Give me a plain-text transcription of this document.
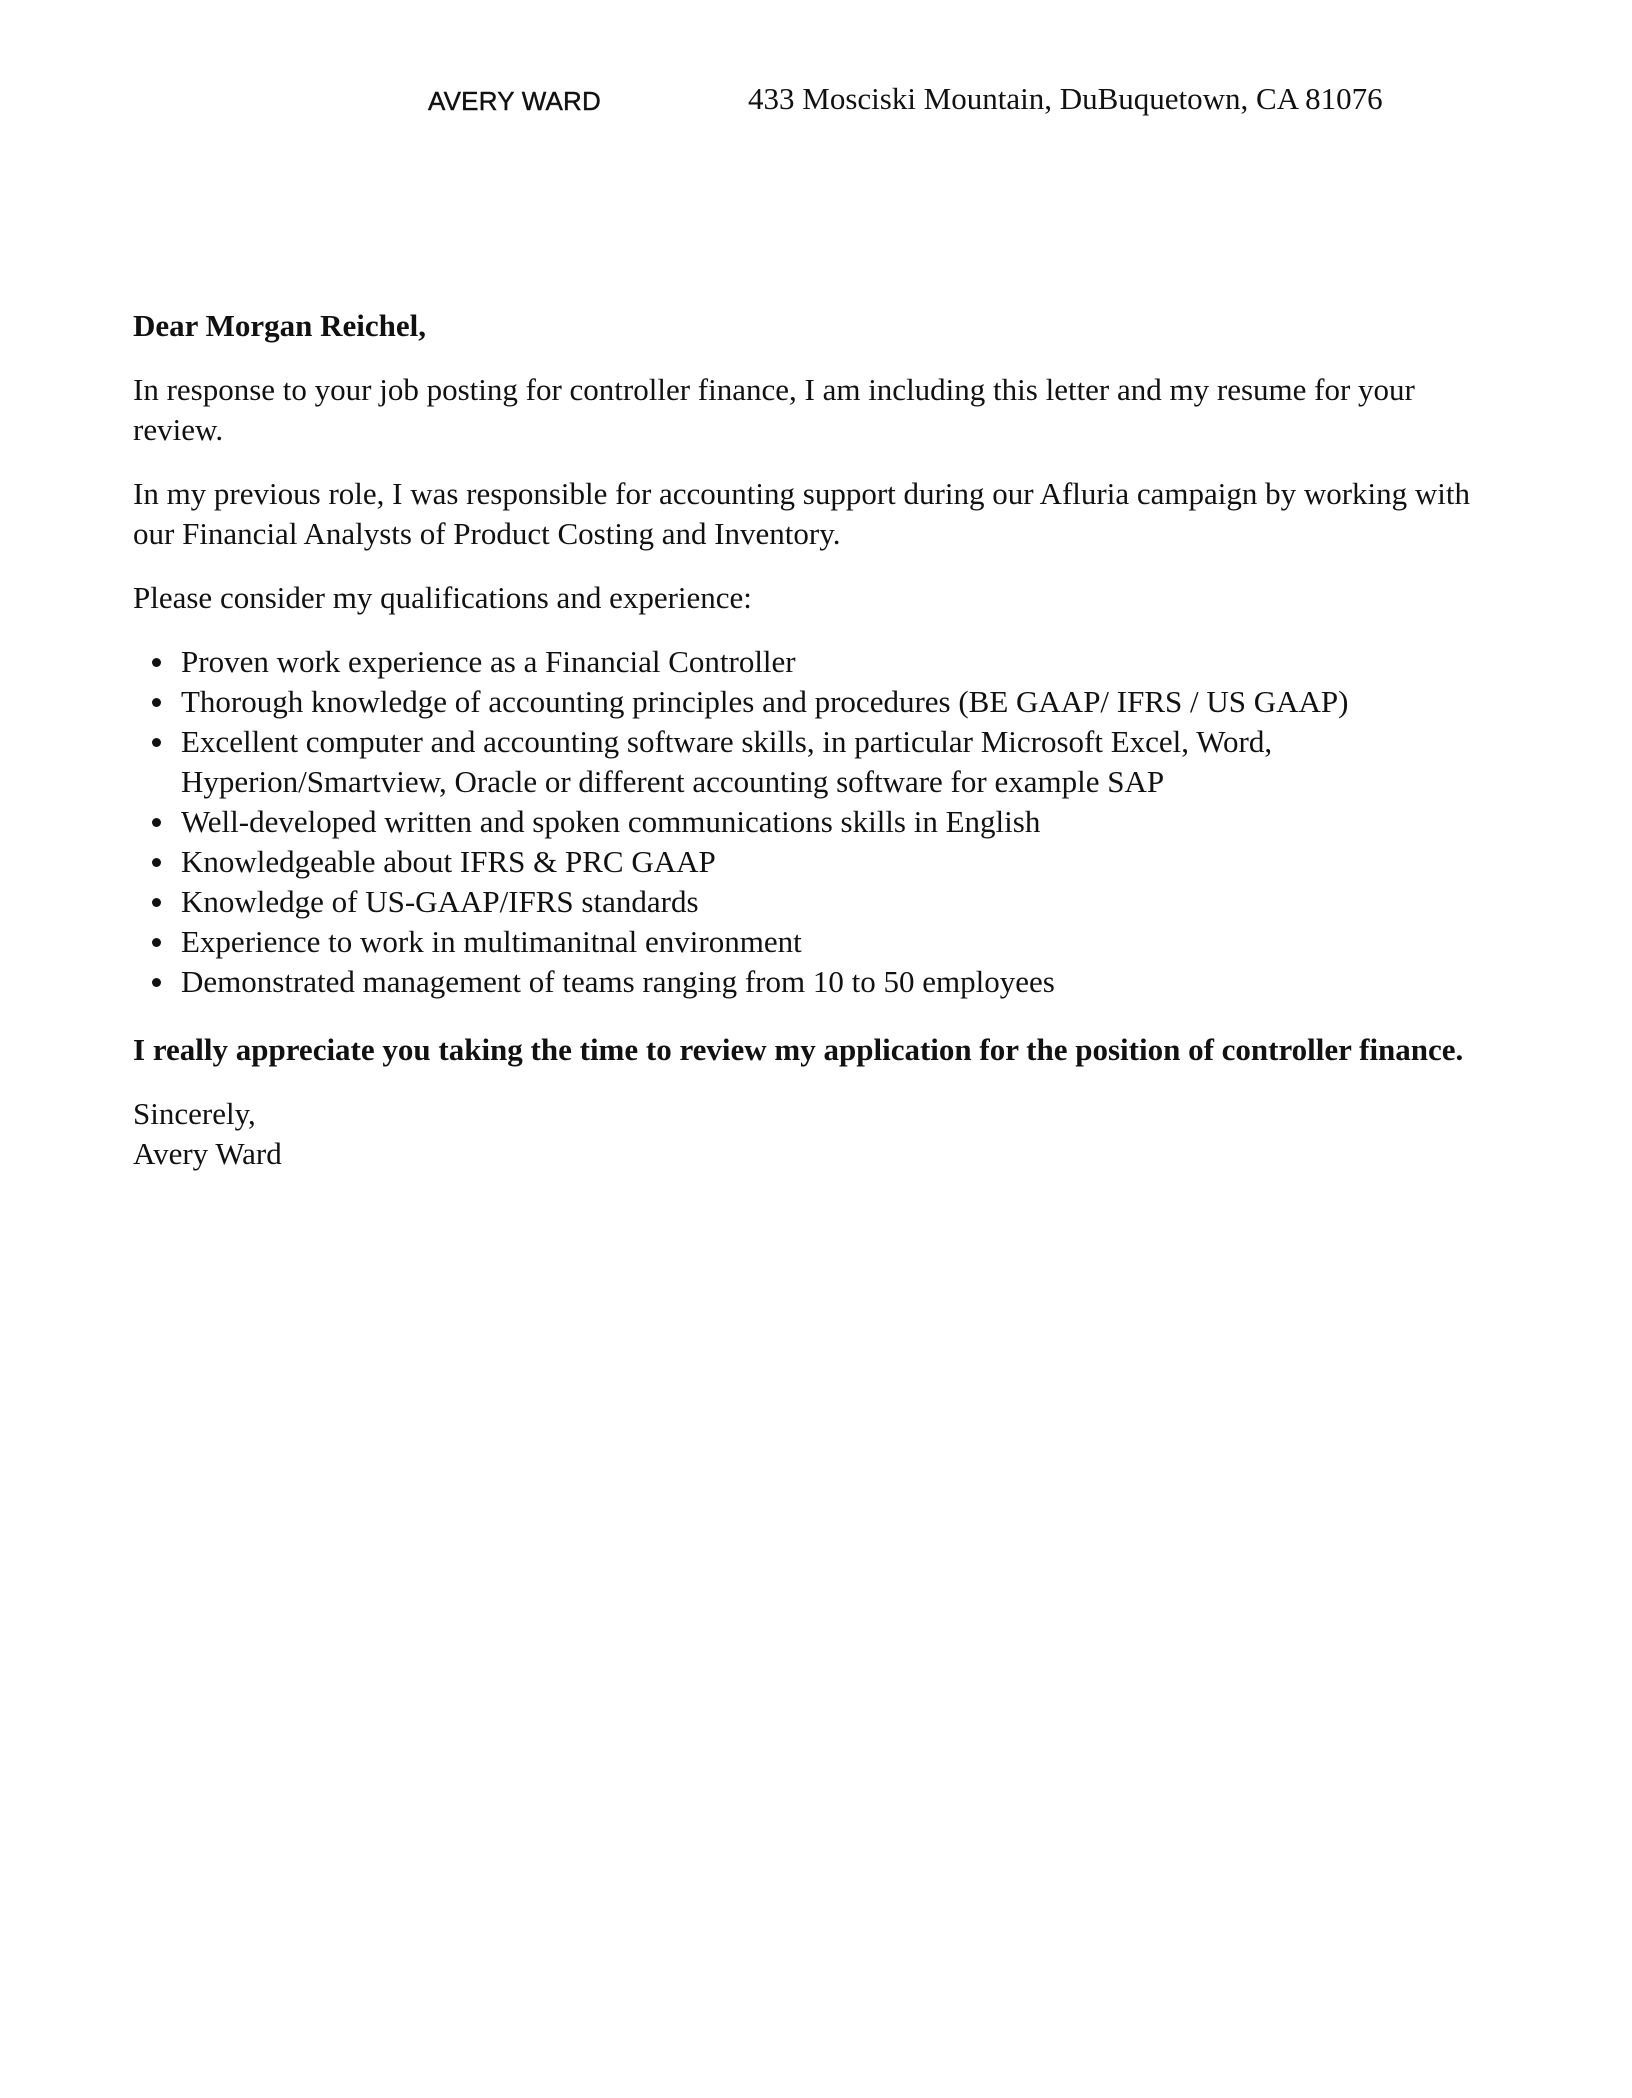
AVERY WARD	433 Mosciski Mountain, DuBuquetown, CA 81076

Dear Morgan Reichel,

In response to your job posting for controller finance, I am including this letter and my resume for your review.

In my previous role, I was responsible for accounting support during our Afluria campaign by working with our Financial Analysts of Product Costing and Inventory.

Please consider my qualifications and experience:

Proven work experience as a Financial Controller
Thorough knowledge of accounting principles and procedures (BE GAAP/ IFRS / US GAAP)
Excellent computer and accounting software skills, in particular Microsoft Excel, Word, Hyperion/Smartview, Oracle or different accounting software for example SAP
Well-developed written and spoken communications skills in English
Knowledgeable about IFRS & PRC GAAP
Knowledge of US-GAAP/IFRS standards
Experience to work in multimanitnal environment
Demonstrated management of teams ranging from 10 to 50 employees

I really appreciate you taking the time to review my application for the position of controller finance.

Sincerely,

Avery Ward
